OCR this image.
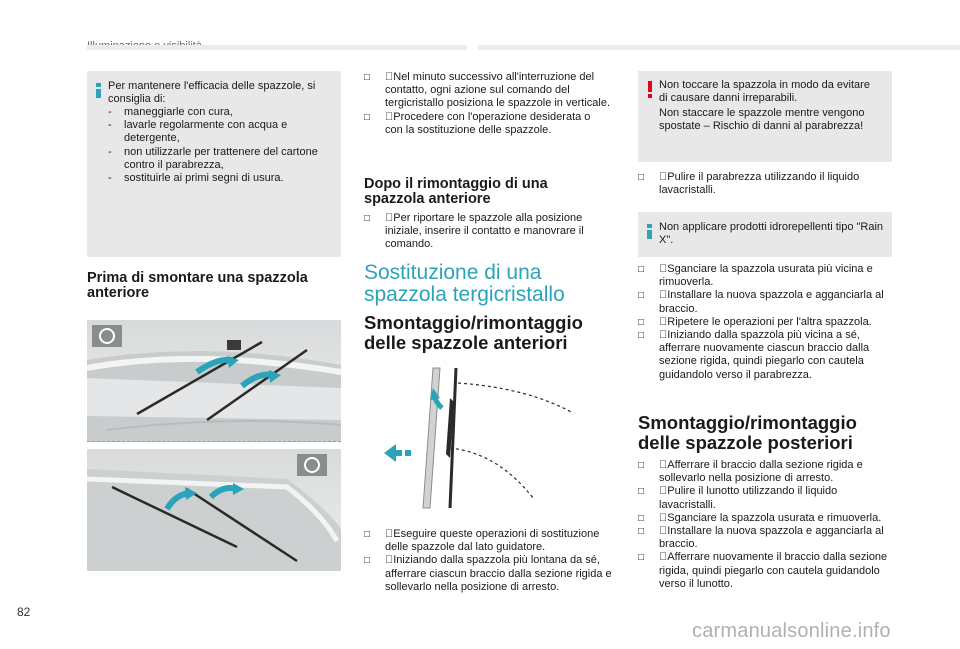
Per mantenere l'efficacia delle spazzole, si consiglia di:
- maneggiarle con cura,
- lavarle regolarmente con acqua e detergente,
- non utilizzarle per trattenere del cartone contro il parabrezza,
- sostituirle ai primi segni di usura.
Prima di smontare una spazzola anteriore
□ Nel minuto successivo all'interruzione del contatto, ogni azione sul comando del tergicristallo posiziona le spazzole in verticale.
□ Procedere con l'operazione desiderata o con la sostituzione delle spazzole.
Dopo il rimontaggio di una spazzola anteriore
□ Per riportare le spazzole alla posizione iniziale, inserire il contatto e manovrare il comando.
Sostituzione di una spazzola tergicristallo
Smontaggio/rimontaggio delle spazzole anteriori
□ Eseguire queste operazioni di sostituzione delle spazzole dal lato guidatore.
□ Iniziando dalla spazzola più lontana da sé, afferrare ciascun braccio dalla sezione rigida e sollevarlo nella posizione di arresto.
Non toccare la spazzola in modo da evitare di causare danni irreparabili.
Non staccare le spazzole mentre vengono spostate – Rischio di danni al parabrezza!
□ Pulire il parabrezza utilizzando il liquido lavacristalli.
Non applicare prodotti idrorepellenti tipo "Rain X".
□ Sganciare la spazzola usurata più vicina e rimuoverla.
□ Installare la nuova spazzola e agganciarla al braccio.
□ Ripetere le operazioni per l'altra spazzola.
□ Iniziando dalla spazzola più vicina a sé, afferrare nuovamente ciascun braccio dalla sezione rigida, quindi piegarlo con cautela guidandolo verso il parabrezza.
Smontaggio/rimontaggio delle spazzole posteriori
□ Afferrare il braccio dalla sezione rigida e sollevarlo nella posizione di arresto.
□ Pulire il lunotto utilizzando il liquido lavacristalli.
□ Sganciare la spazzola usurata e rimuoverla.
□ Installare la nuova spazzola e agganciarla al braccio.
□ Afferrare nuovamente il braccio dalla sezione rigida, quindi piegarlo con cautela guidandolo verso il lunotto.
82
carmanualsonline.info
